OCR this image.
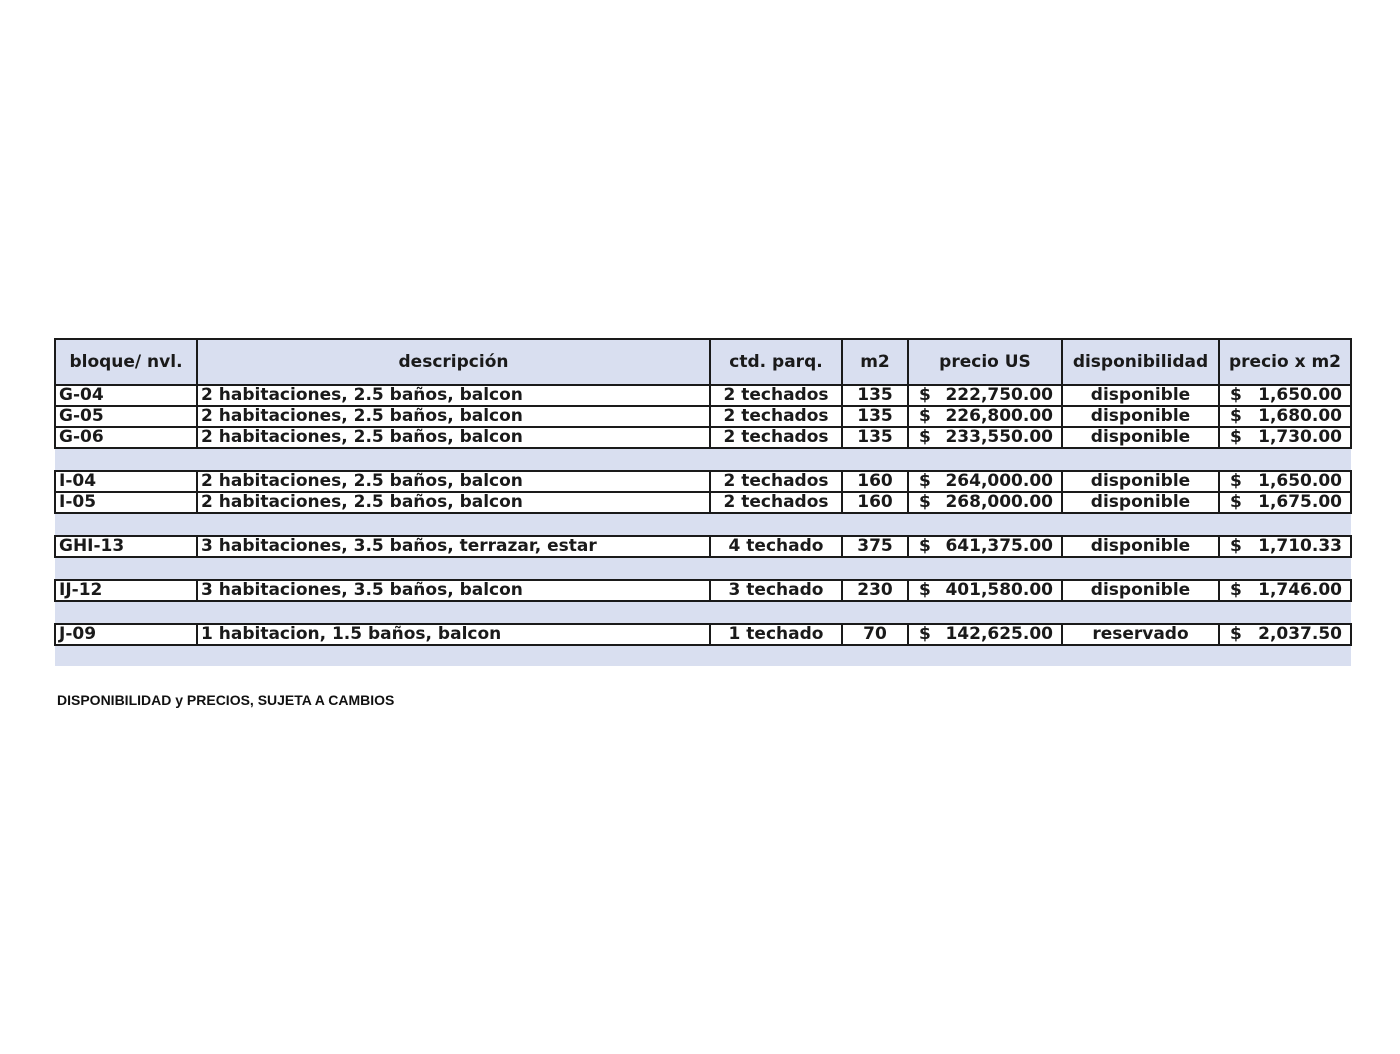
bloque/ nvl.	descripción	ctd. parq.	m2	precio US	disponibilidad	precio x m2
G-04	2 habitaciones, 2.5 baños, balcon	2 techados	135	$ 222,750.00	disponible	$ 1,650.00

G-05	2 habitaciones, 2.5 baños, balcon	2 techados	135	$ 226,800.00	disponible	$ 1,680.00

G-06	2 habitaciones, 2.5 baños, balcon	2 techados	135	$ 233,550.00	disponible	$ 1,730.00

I-04	2 habitaciones, 2.5 baños, balcon	2 techados	160	$ 264,000.00	disponible	$ 1,650.00

I-05	2 habitaciones, 2.5 baños, balcon	2 techados	160	$ 268,000.00	disponible	$ 1,675.00

GHI-13	3 habitaciones, 3.5 baños, terrazar, estar	4 techado	375	$ 641,375.00	disponible	$ 1,710.33

IJ-12	3 habitaciones, 3.5 baños, balcon	3 techado	230	$ 401,580.00	disponible	$ 1,746.00

J-09	1 habitacion, 1.5 baños, balcon	1 techado	70	$ 142,625.00	reservado	$ 2,037.50

DISPONIBILIDAD y PRECIOS, SUJETA A CAMBIOS
